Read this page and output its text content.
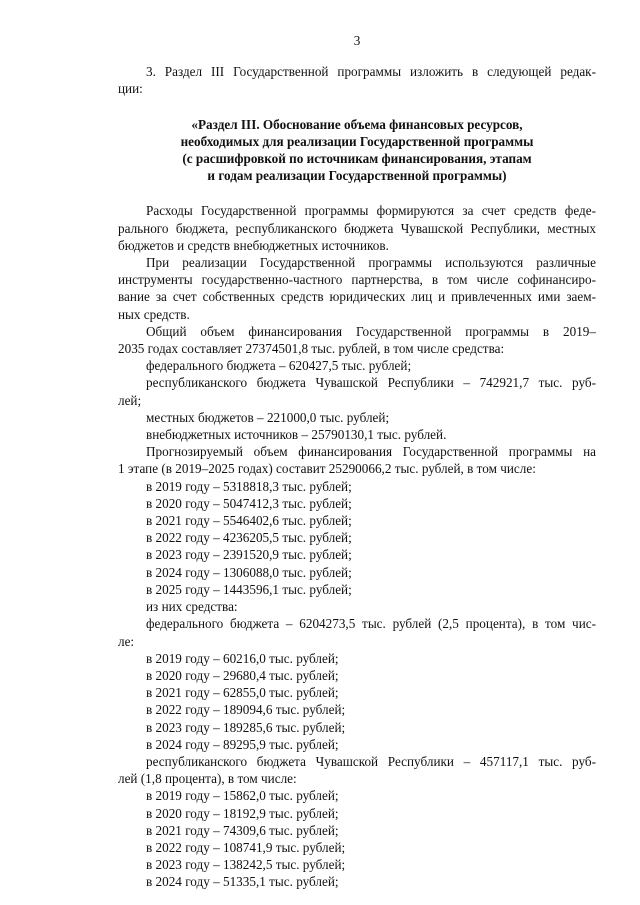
3
3. Раздел III Государственной программы изложить в следующей редак-
ции:
«Раздел III. Обоснование объема финансовых ресурсов,
необходимых для реализации Государственной программы
(с расшифровкой по источникам финансирования, этапам
и годам реализации Государственной программы)
Расходы Государственной программы формируются за счет средств феде-
рального бюджета, республиканского бюджета Чувашской Республики, местных
бюджетов и средств внебюджетных источников.
При реализации Государственной программы используются различные
инструменты государственно-частного партнерства, в том числе софинансиро-
вание за счет собственных средств юридических лиц и привлеченных ими заем-
ных средств.
Общий объем финансирования Государственной программы в 2019–
2035 годах составляет 27374501,8 тыс. рублей, в том числе средства:
федерального бюджета – 620427,5 тыс. рублей;
республиканского бюджета Чувашской Республики – 742921,7 тыс. руб-
лей;
местных бюджетов – 221000,0 тыс. рублей;
внебюджетных источников – 25790130,1 тыс. рублей.
Прогнозируемый объем финансирования Государственной программы на
1 этапе (в 2019–2025 годах) составит 25290066,2 тыс. рублей, в том числе:
в 2019 году – 5318818,3 тыс. рублей;
в 2020 году – 5047412,3 тыс. рублей;
в 2021 году – 5546402,6 тыс. рублей;
в 2022 году – 4236205,5 тыс. рублей;
в 2023 году – 2391520,9 тыс. рублей;
в 2024 году – 1306088,0 тыс. рублей;
в 2025 году – 1443596,1 тыс. рублей;
из них средства:
федерального бюджета – 6204273,5 тыс. рублей (2,5 процента), в том чис-
ле:
в 2019 году – 60216,0 тыс. рублей;
в 2020 году – 29680,4 тыс. рублей;
в 2021 году – 62855,0 тыс. рублей;
в 2022 году – 189094,6 тыс. рублей;
в 2023 году – 189285,6 тыс. рублей;
в 2024 году – 89295,9 тыс. рублей;
республиканского бюджета Чувашской Республики – 457117,1 тыс. руб-
лей (1,8 процента), в том числе:
в 2019 году – 15862,0 тыс. рублей;
в 2020 году – 18192,9 тыс. рублей;
в 2021 году – 74309,6 тыс. рублей;
в 2022 году – 108741,9 тыс. рублей;
в 2023 году – 138242,5 тыс. рублей;
в 2024 году – 51335,1 тыс. рублей;
